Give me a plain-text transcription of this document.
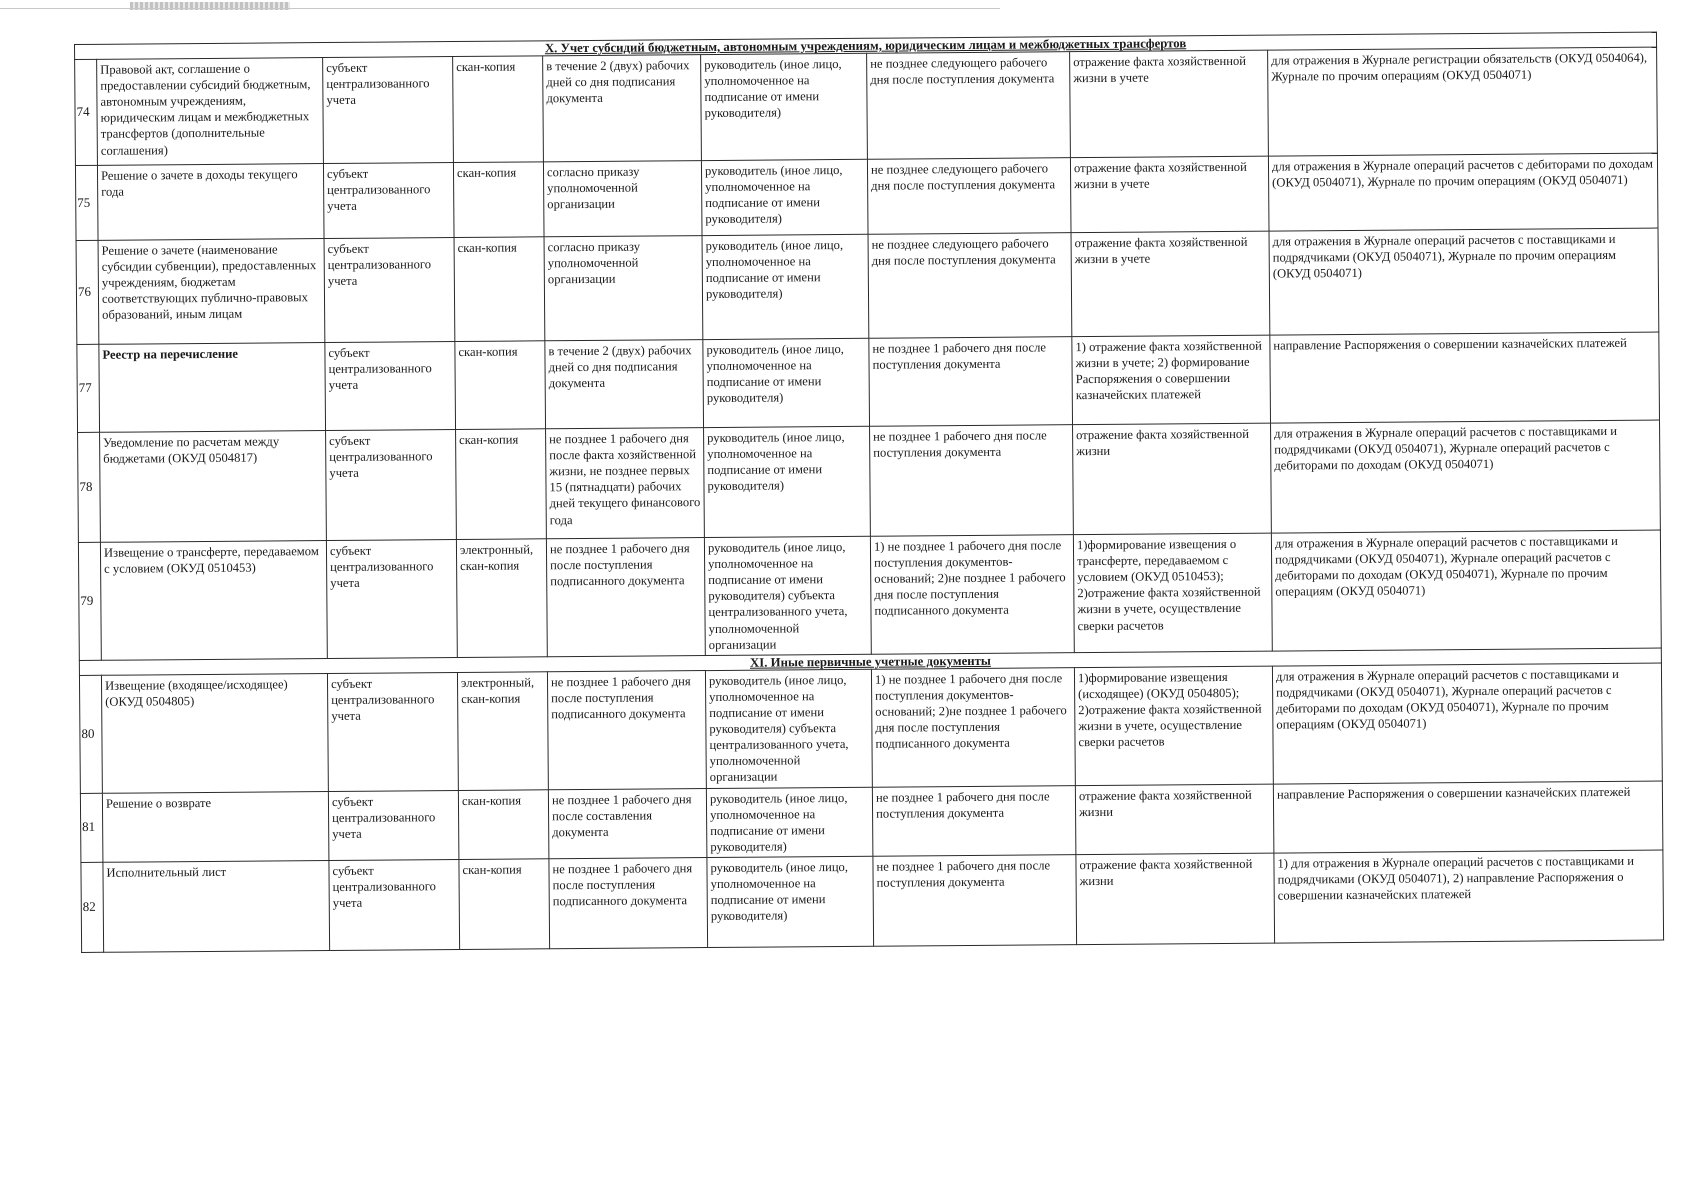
X. Учет субсидий бюджетным, автономным учреждениям, юридическим лицам и межбюджетных трансфертов								
74	Правовой акт, соглашение о предоставлении субсидий бюджетным, автономным учреждениям, юридическим лицам и межбюджетных трансфертов (дополнительные соглашения)	субъект централизованного учета	скан-копия	в течение 2 (двух) рабочих дней со дня подписания документа	руководитель (иное лицо, уполномоченное на подписание от имени руководителя)	не позднее следующего рабочего дня после поступления документа	отражение факта хозяйственной жизни в учете	для отражения в Журнале регистрации обязательств (ОКУД 0504064), Журнале по прочим операциям (ОКУД 0504071)
75	Решение о зачете в доходы текущего года	субъект централизованного учета	скан-копия	согласно приказу уполномоченной организации	руководитель (иное лицо, уполномоченное на подписание от имени руководителя)	не позднее следующего рабочего дня после поступления документа	отражение факта хозяйственной жизни в учете	для отражения в Журнале операций расчетов с дебиторами по доходам (ОКУД 0504071), Журнале по прочим операциям (ОКУД 0504071)
76	Решение о зачете (наименование субсидии субвенции), предоставленных учреждениям, бюджетам соответствующих публично-правовых образований, иным лицам	субъект централизованного учета	скан-копия	согласно приказу уполномоченной организации	руководитель (иное лицо, уполномоченное на подписание от имени руководителя)	не позднее следующего рабочего дня после поступления документа	отражение факта хозяйственной жизни в учете	для отражения в Журнале операций расчетов с поставщиками и подрядчиками (ОКУД 0504071), Журнале по прочим операциям (ОКУД 0504071)
77	Реестр на перечисление	субъект централизованного учета	скан-копия	в течение 2 (двух) рабочих дней со дня подписания документа	руководитель (иное лицо, уполномоченное на подписание от имени руководителя)	не позднее 1 рабочего дня после поступления документа	1) отражение факта хозяйственной жизни в учете; 2) формирование Распоряжения о совершении казначейских платежей	направление Распоряжения о совершении казначейских платежей
78	Уведомление по расчетам между бюджетами (ОКУД 0504817)	субъект централизованного учета	скан-копия	не позднее 1 рабочего дня после факта хозяйственной жизни, не позднее первых 15 (пятнадцати) рабочих дней текущего финансового года	руководитель (иное лицо, уполномоченное на подписание от имени руководителя)	не позднее 1 рабочего дня после поступления документа	отражение факта хозяйственной жизни	для отражения в Журнале операций расчетов с поставщиками и подрядчиками (ОКУД 0504071), Журнале операций расчетов с дебиторами по доходам (ОКУД 0504071)
79	Извещение о трансферте, передаваемом с условием (ОКУД 0510453)	субъект централизованного учета	электронный, скан-копия	не позднее 1 рабочего дня после поступления подписанного документа	руководитель (иное лицо, уполномоченное на подписание от имени руководителя) субъекта централизованного учета, уполномоченной организации	1) не позднее 1 рабочего дня после поступления документов-оснований; 2)не позднее 1 рабочего дня после поступления подписанного документа	1)формирование извещения о трансферте, передаваемом с условием (ОКУД 0510453); 2)отражение факта хозяйственной жизни в учете, осуществление сверки расчетов	для отражения в Журнале операций расчетов с поставщиками и подрядчиками (ОКУД 0504071), Журнале операций расчетов с дебиторами по доходам (ОКУД 0504071), Журнале по прочим операциям (ОКУД 0504071)
XI. Иные первичные учетные документы								
80	Извещение (входящее/исходящее) (ОКУД 0504805)	субъект централизованного учета	электронный, скан-копия	не позднее 1 рабочего дня после поступления подписанного документа	руководитель (иное лицо, уполномоченное на подписание от имени руководителя) субъекта централизованного учета, уполномоченной организации	1) не позднее 1 рабочего дня после поступления документов-оснований; 2)не позднее 1 рабочего дня после поступления подписанного документа	1)формирование извещения (исходящее) (ОКУД 0504805); 2)отражение факта хозяйственной жизни в учете, осуществление сверки расчетов	для отражения в Журнале операций расчетов с поставщиками и подрядчиками (ОКУД 0504071), Журнале операций расчетов с дебиторами по доходам (ОКУД 0504071), Журнале по прочим операциям (ОКУД 0504071)
81	Решение о возврате	субъект централизованного учета	скан-копия	не позднее 1 рабочего дня после составления документа	руководитель (иное лицо, уполномоченное на подписание от имени руководителя)	не позднее 1 рабочего дня после поступления документа	отражение факта хозяйственной жизни	направление Распоряжения о совершении казначейских платежей
82	Исполнительный лист	субъект централизованного учета	скан-копия	не позднее 1 рабочего дня после поступления подписанного документа	руководитель (иное лицо, уполномоченное на подписание от имени руководителя)	не позднее 1 рабочего дня после поступления документа	отражение факта хозяйственной жизни	1) для отражения в Журнале операций расчетов с поставщиками и подрядчиками (ОКУД 0504071), 2) направление Распоряжения о совершении казначейских платежей
